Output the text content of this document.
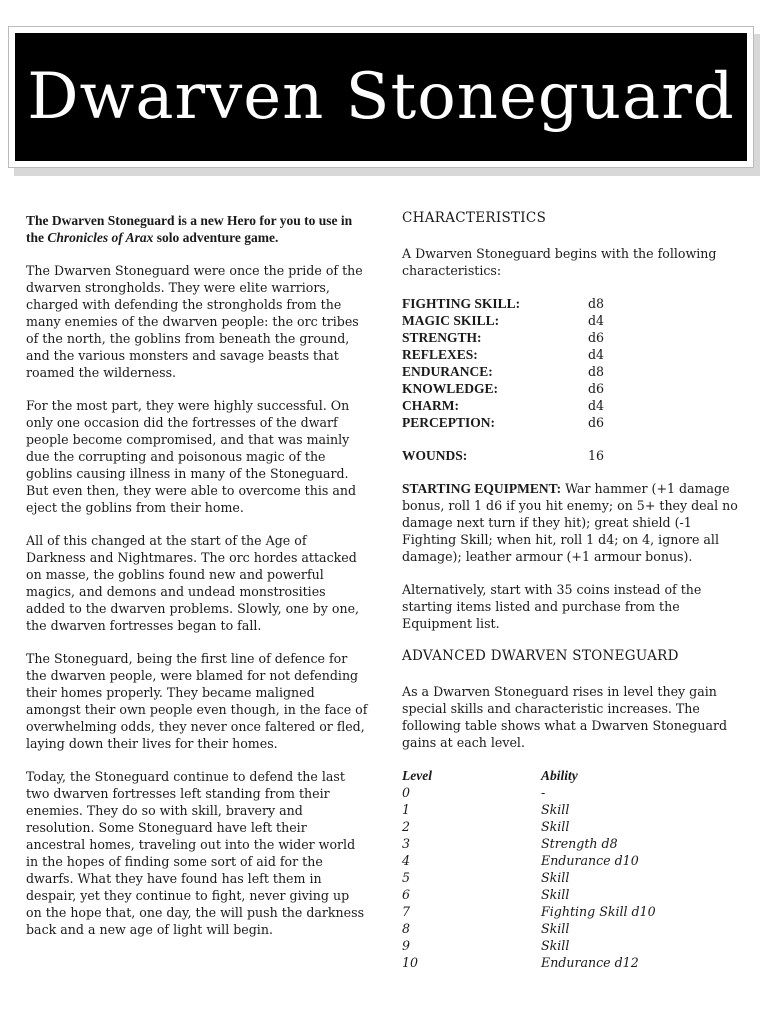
Dwarven Stoneguard

The Dwarven Stoneguard is a new Hero for you to use in the Chronicles of Arax solo adventure game.

The Dwarven Stoneguard were once the pride of the dwarven strongholds. They were elite warriors, charged with defending the strongholds from the many enemies of the dwarven people: the orc tribes of the north, the goblins from beneath the ground, and the various monsters and savage beasts that roamed the wilderness.

For the most part, they were highly successful. On only one occasion did the fortresses of the dwarf people become compromised, and that was mainly due the corrupting and poisonous magic of the goblins causing illness in many of the Stoneguard. But even then, they were able to overcome this and eject the goblins from their home.

All of this changed at the start of the Age of Darkness and Nightmares. The orc hordes attacked on masse, the goblins found new and powerful magics, and demons and undead monstrosities added to the dwarven problems. Slowly, one by one, the dwarven fortresses began to fall.

The Stoneguard, being the first line of defence for the dwarven people, were blamed for not defending their homes properly. They became maligned amongst their own people even though, in the face of overwhelming odds, they never once faltered or fled, laying down their lives for their homes.

Today, the Stoneguard continue to defend the last two dwarven fortresses left standing from their enemies. They do so with skill, bravery and resolution. Some Stoneguard have left their ancestral homes, traveling out into the wider world in the hopes of finding some sort of aid for the dwarfs. What they have found has left them in despair, yet they continue to fight, never giving up on the hope that, one day, the will push the darkness back and a new age of light will begin.

CHARACTERISTICS

A Dwarven Stoneguard begins with the following characteristics:

FIGHTING SKILL:	d8
MAGIC SKILL:	d4
STRENGTH:	d6
REFLEXES:	d4
ENDURANCE:	d8
KNOWLEDGE:	d6
CHARM:	d4
PERCEPTION:	d6
WOUNDS:	16

STARTING EQUIPMENT: War hammer (+1 damage bonus, roll 1 d6 if you hit enemy; on 5+ they deal no damage next turn if they hit); great shield (-1 Fighting Skill; when hit, roll 1 d4; on 4, ignore all damage); leather armour (+1 armour bonus).

Alternatively, start with 35 coins instead of the starting items listed and purchase from the Equipment list.

ADVANCED DWARVEN STONEGUARD

As a Dwarven Stoneguard rises in level they gain special skills and characteristic increases. The following table shows what a Dwarven Stoneguard gains at each level.

Level	Ability
0	-
1	Skill
2	Skill
3	Strength d8
4	Endurance d10
5	Skill
6	Skill
7	Fighting Skill d10
8	Skill
9	Skill
10	Endurance d12
